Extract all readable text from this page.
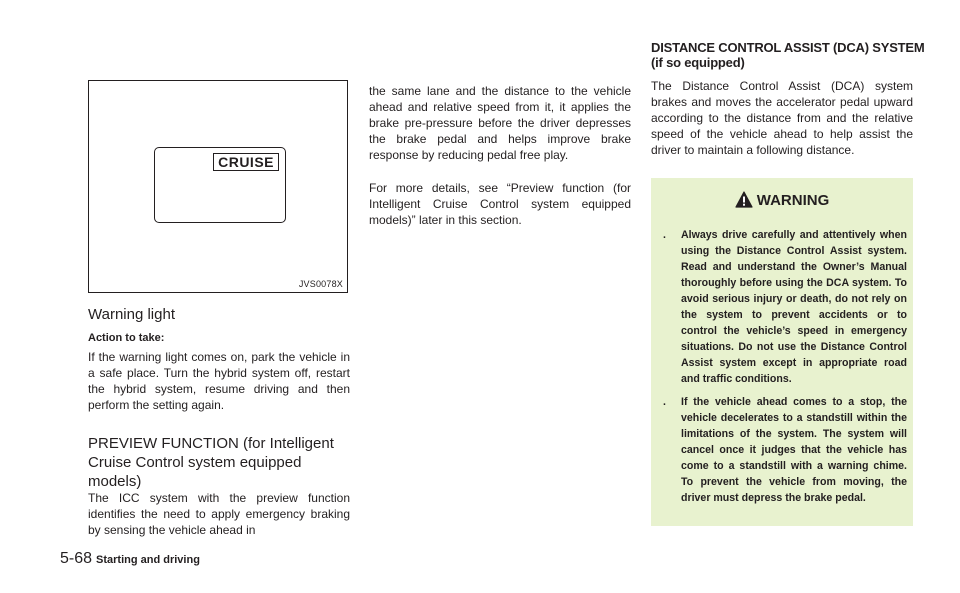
CRUISE
JVS0078X
Warning light
Action to take:

If the warning light comes on, park the vehicle in a safe place. Turn the hybrid system off, restart the hybrid system, resume driving and then perform the setting again.

PREVIEW FUNCTION (for Intelligent Cruise Control system equipped models)

The ICC system with the preview function identifies the need to apply emergency braking by sensing the vehicle ahead in

the same lane and the distance to the vehicle ahead and relative speed from it, it applies the brake pre-pressure before the driver depresses the brake pedal and helps improve brake response by reducing pedal free play.

For more details, see “Preview function (for Intelligent Cruise Control system equipped models)” later in this section.

DISTANCE CONTROL ASSIST (DCA) SYSTEM (if so equipped)

The Distance Control Assist (DCA) system brakes and moves the accelerator pedal upward according to the distance from and the relative speed of the vehicle ahead to help assist the driver to maintain a following distance.

WARNING
. Always drive carefully and attentively when using the Distance Control Assist system. Read and understand the Owner’s Manual thoroughly before using the DCA system. To avoid serious injury or death, do not rely on the system to prevent accidents or to control the vehicle’s speed in emergency situations. Do not use the Distance Control Assist system except in appropriate road and traffic conditions.
. If the vehicle ahead comes to a stop, the vehicle decelerates to a standstill within the limitations of the system. The system will cancel once it judges that the vehicle has come to a standstill with a warning chime. To prevent the vehicle from moving, the driver must depress the brake pedal.
5-68 Starting and driving
